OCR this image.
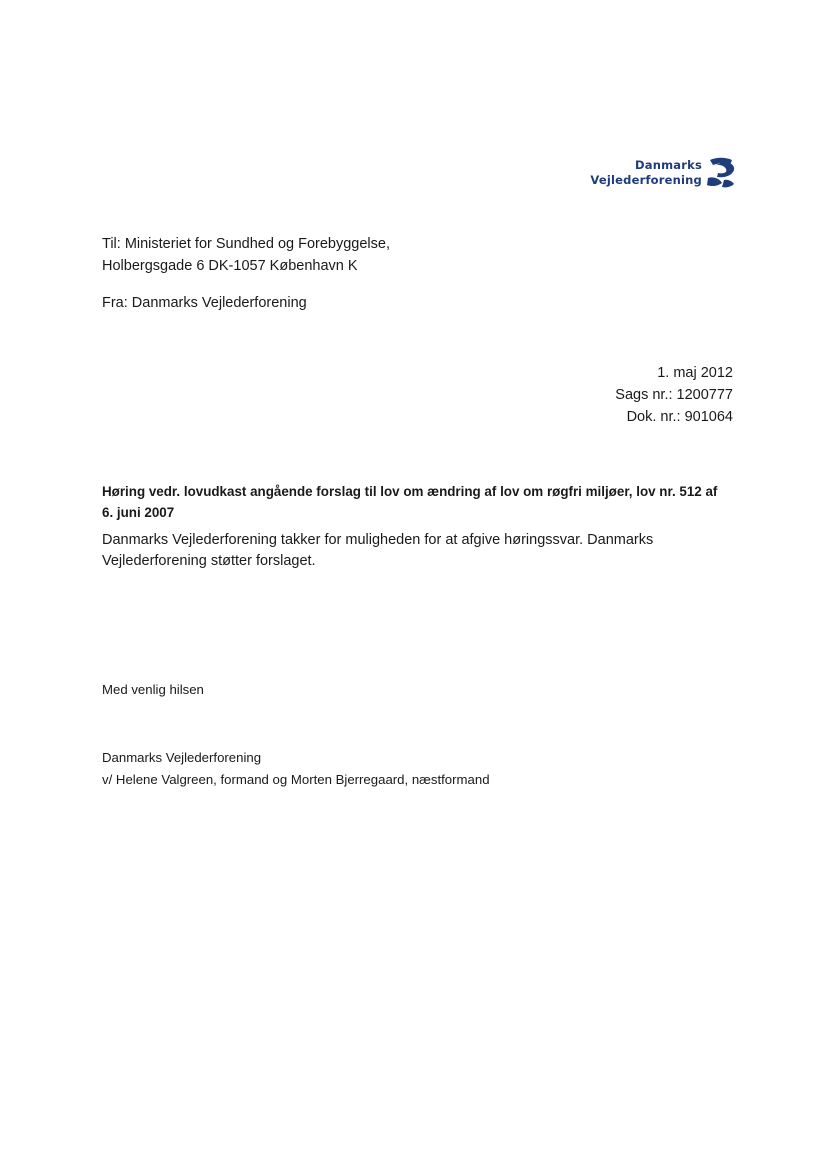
Danmarks
Vejlederforening
Til: Ministeriet for Sundhed og Forebyggelse,
Holbergsgade 6 DK-1057 København K
Fra: Danmarks Vejlederforening
1. maj 2012
Sags nr.: 1200777
Dok. nr.: 901064
Høring vedr. lovudkast angående forslag til lov om ændring af lov om røgfri miljøer, lov nr. 512 af 6. juni 2007
Danmarks Vejlederforening takker for muligheden for at afgive høringssvar. Danmarks Vejlederforening støtter forslaget.
Med venlig hilsen
Danmarks Vejlederforening
v/ Helene Valgreen, formand og Morten Bjerregaard, næstformand
